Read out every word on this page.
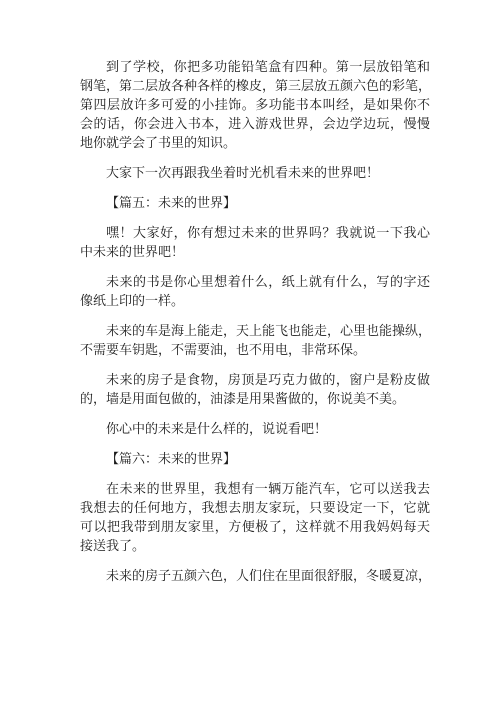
到了学校，你把多功能铅笔盒有四种。第一层放铅笔和

钢笔，第二层放各种各样的橡皮，第三层放五颜六色的彩笔，

第四层放许多可爱的小挂饰。多功能书本叫经，是如果你不

会的话，你会进入书本，进入游戏世界，会边学边玩，慢慢

地你就学会了书里的知识。

大家下一次再跟我坐着时光机看未来的世界吧！

【篇五：未来的世界】

嘿！大家好，你有想过未来的世界吗？我就说一下我心

中未来的世界吧！

未来的书是你心里想着什么，纸上就有什么，写的字还

像纸上印的一样。

未来的车是海上能走，天上能飞也能走，心里也能操纵，

不需要车钥匙，不需要油，也不用电，非常环保。

未来的房子是食物，房顶是巧克力做的，窗户是粉皮做

的，墙是用面包做的，油漆是用果酱做的，你说美不美。

你心中的未来是什么样的，说说看吧！

【篇六：未来的世界】

在未来的世界里，我想有一辆万能汽车，它可以送我去

我想去的任何地方，我想去朋友家玩，只要设定一下，它就

可以把我带到朋友家里，方便极了，这样就不用我妈妈每天

接送我了。

未来的房子五颜六色，人们住在里面很舒服，冬暖夏凉，
